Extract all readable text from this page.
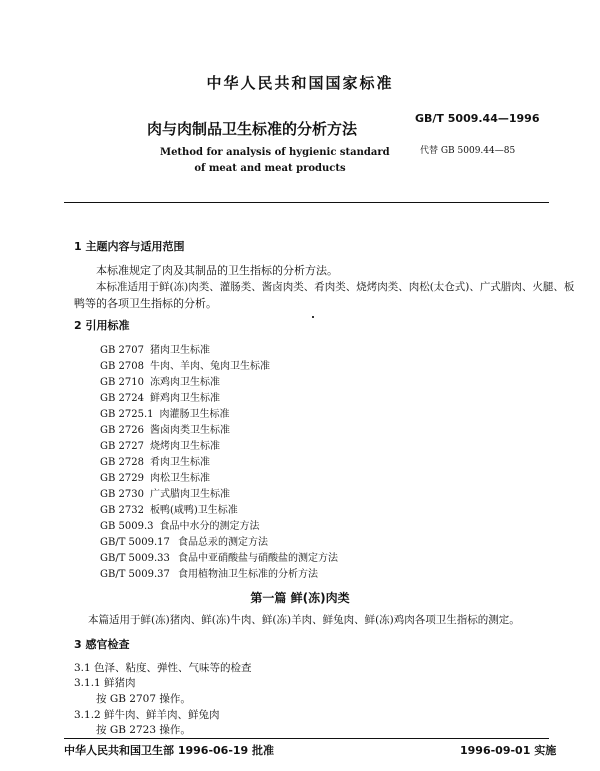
中华人民共和国国家标准
肉与肉制品卫生标准的分析方法
GB/T 5009.44—1996
代替 GB 5009.44—85
Method for analysis of hygienic standard
of meat and meat products
1 主题内容与适用范围
本标准规定了肉及其制品的卫生指标的分析方法。
本标准适用于鲜(冻)肉类、灌肠类、酱卤肉类、肴肉类、烧烤肉类、肉松(太仓式)、广式腊肉、火腿、板
鸭等的各项卫生指标的分析。
2 引用标准
GB 2707 猪肉卫生标准
GB 2708 牛肉、羊肉、兔肉卫生标准
GB 2710 冻鸡肉卫生标准
GB 2724 鲜鸡肉卫生标准
GB 2725.1 肉灌肠卫生标准
GB 2726 酱卤肉类卫生标准
GB 2727 烧烤肉卫生标准
GB 2728 肴肉卫生标准
GB 2729 肉松卫生标准
GB 2730 广式腊肉卫生标准
GB 2732 板鸭(咸鸭)卫生标准
GB 5009.3 食品中水分的测定方法
GB/T 5009.17 食品总汞的测定方法
GB/T 5009.33 食品中亚硝酸盐与硝酸盐的测定方法
GB/T 5009.37 食用植物油卫生标准的分析方法
第一篇 鲜(冻)肉类
本篇适用于鲜(冻)猪肉、鲜(冻)牛肉、鲜(冻)羊肉、鲜兔肉、鲜(冻)鸡肉各项卫生指标的测定。
3 感官检查
3.1 色泽、粘度、弹性、气味等的检查
3.1.1 鲜猪肉
按 GB 2707 操作。
3.1.2 鲜牛肉、鲜羊肉、鲜兔肉
按 GB 2723 操作。
中华人民共和国卫生部 1996-06-19 批准	1996-09-01 实施
